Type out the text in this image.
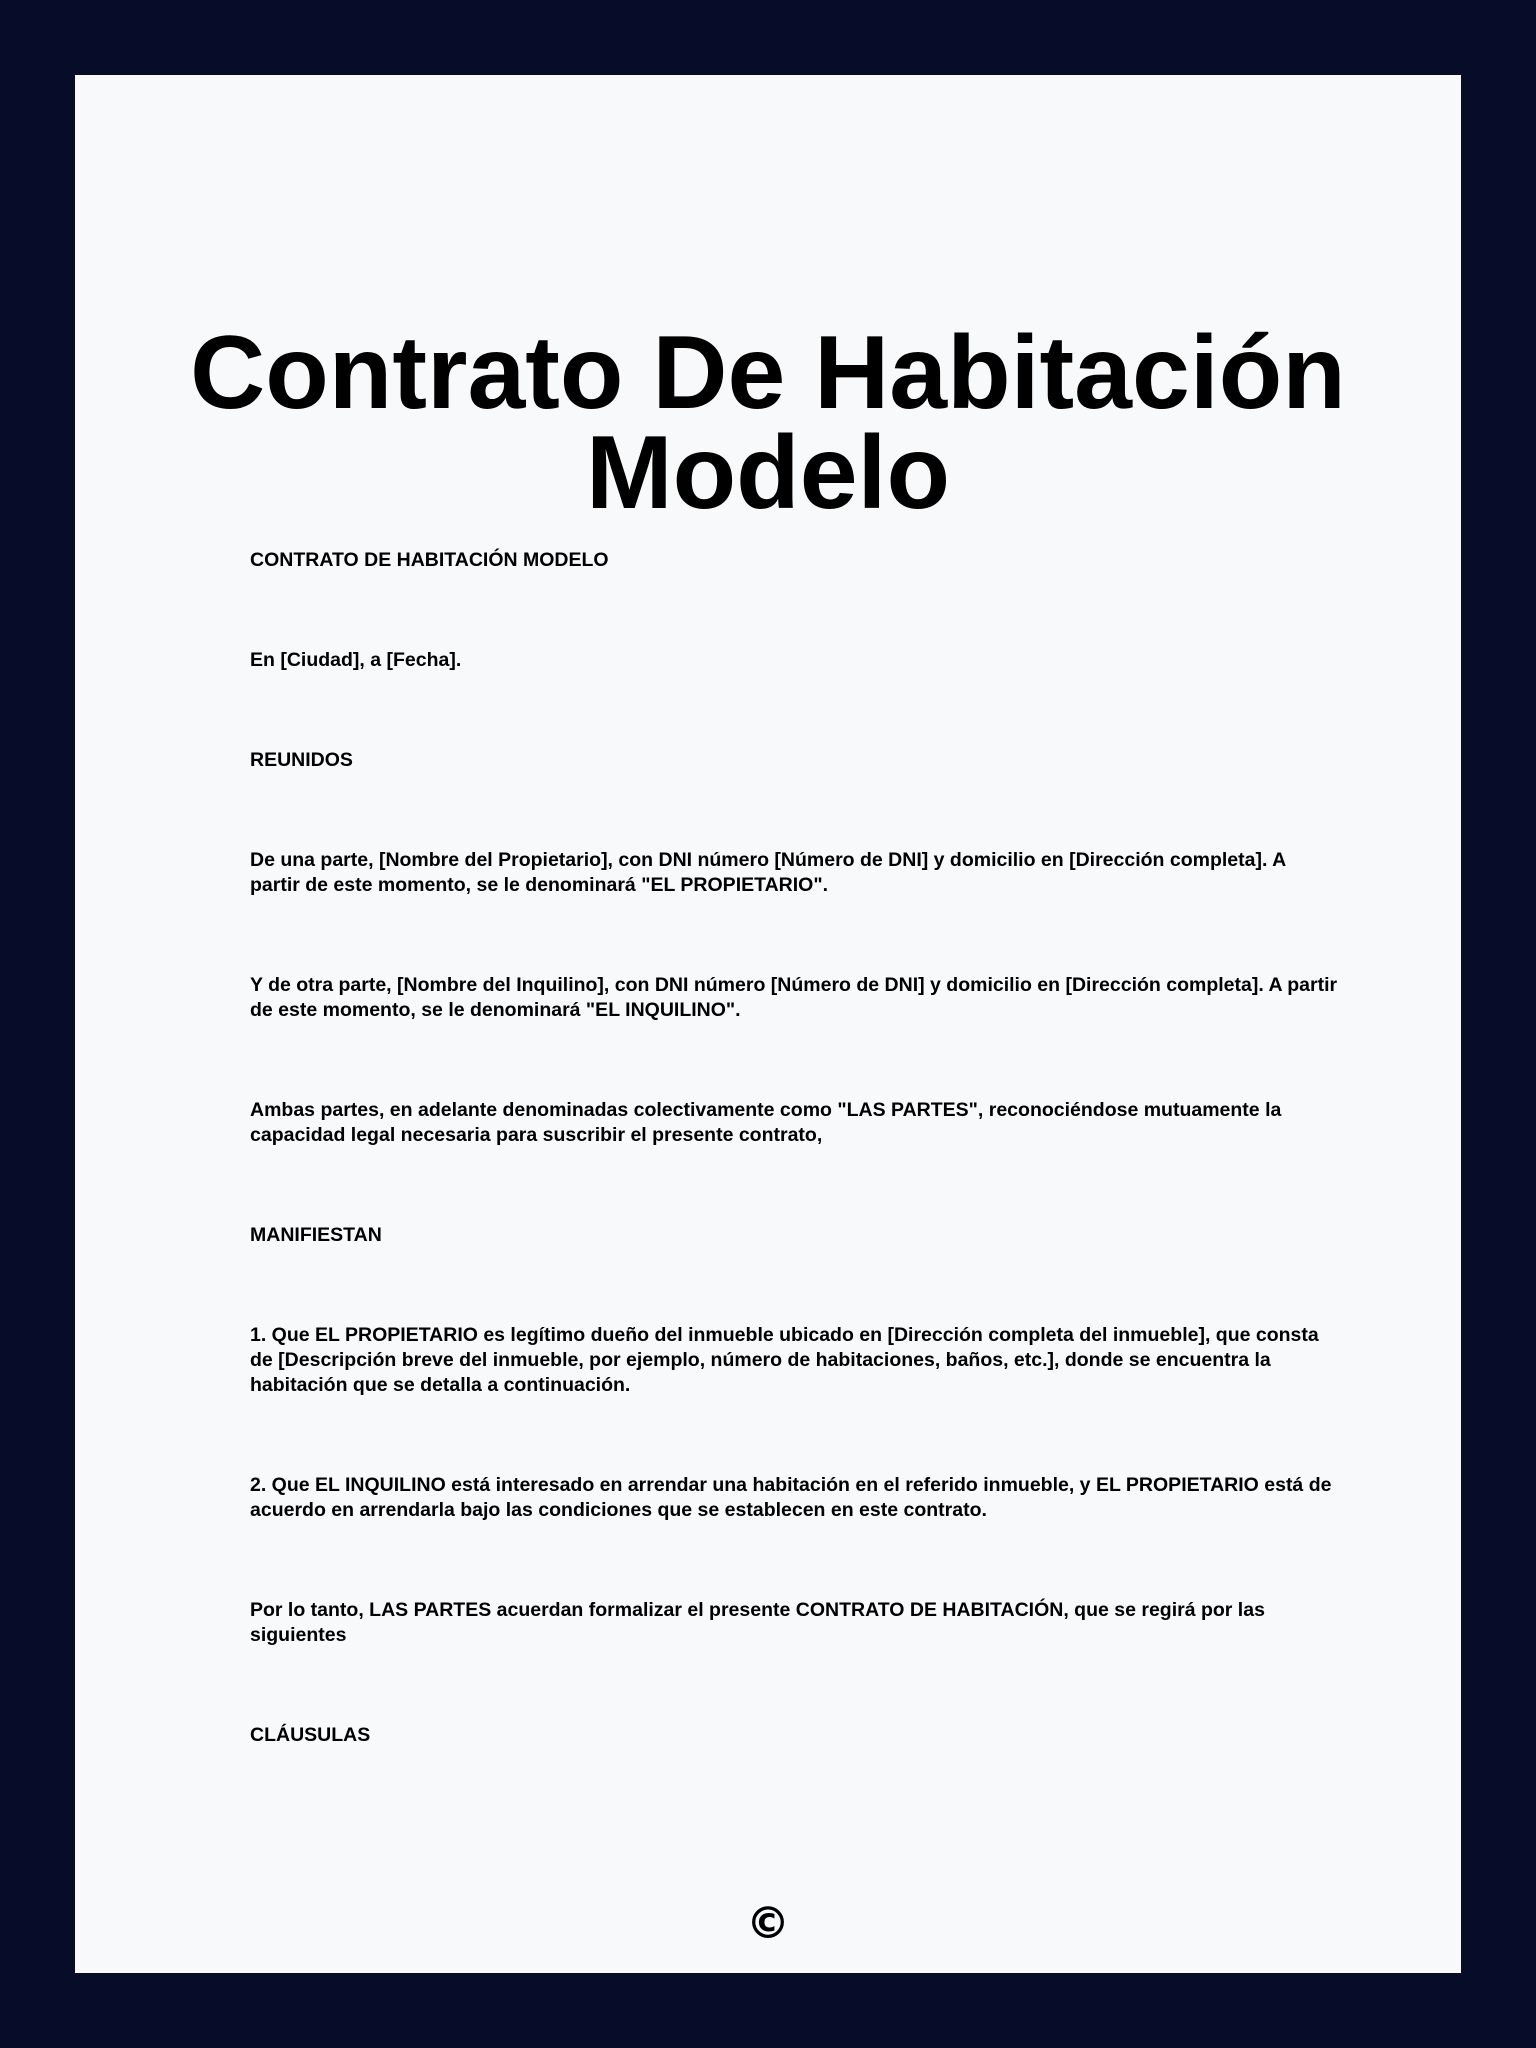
Contrato De Habitación Modelo

CONTRATO DE HABITACIÓN MODELO

En [Ciudad], a [Fecha].

REUNIDOS

De una parte, [Nombre del Propietario], con DNI número [Número de DNI] y domicilio en [Dirección completa]. A partir de este momento, se le denominará "EL PROPIETARIO".

Y de otra parte, [Nombre del Inquilino], con DNI número [Número de DNI] y domicilio en [Dirección completa]. A partir de este momento, se le denominará "EL INQUILINO".

Ambas partes, en adelante denominadas colectivamente como "LAS PARTES", reconociéndose mutuamente la capacidad legal necesaria para suscribir el presente contrato,

MANIFIESTAN

1. Que EL PROPIETARIO es legítimo dueño del inmueble ubicado en [Dirección completa del inmueble], que consta de [Descripción breve del inmueble, por ejemplo, número de habitaciones, baños, etc.], donde se encuentra la habitación que se detalla a continuación.

2. Que EL INQUILINO está interesado en arrendar una habitación en el referido inmueble, y EL PROPIETARIO está de acuerdo en arrendarla bajo las condiciones que se establecen en este contrato.

Por lo tanto, LAS PARTES acuerdan formalizar el presente CONTRATO DE HABITACIÓN, que se regirá por las siguientes

CLÁUSULAS

©
